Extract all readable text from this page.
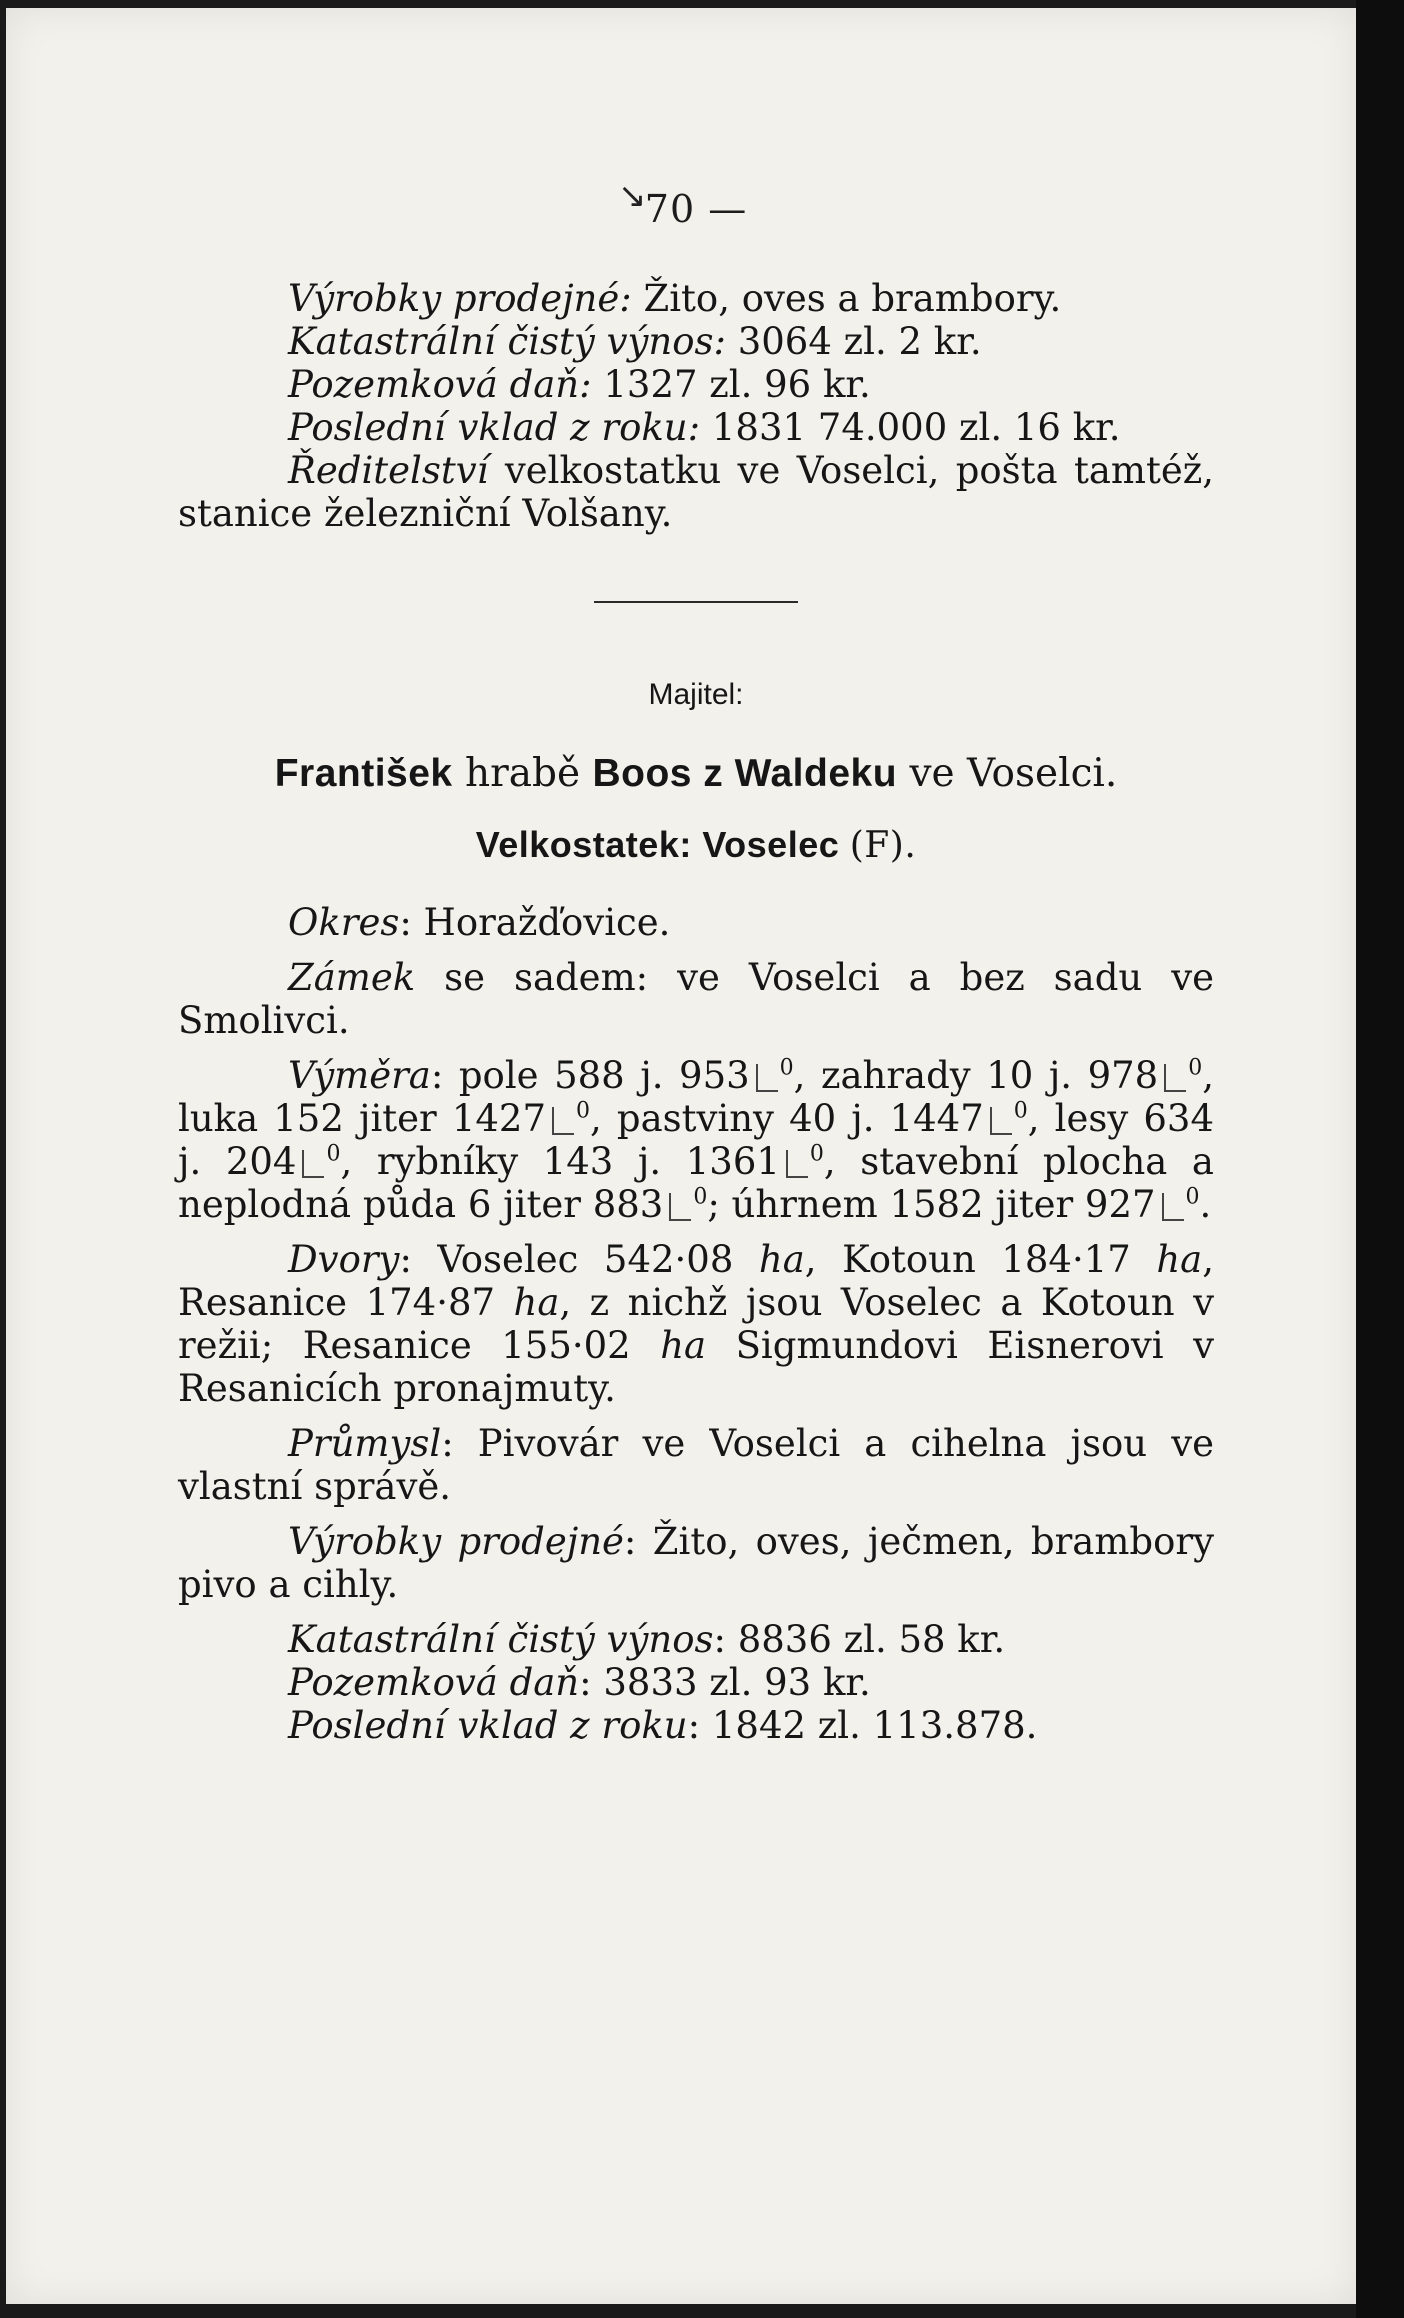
↘
70 —

Výrobky prodejné: Žito, oves a brambory.

Katastrální čistý výnos: 3064 zl. 2 kr.

Pozemková daň: 1327 zl. 96 kr.

Poslední vklad z roku: 1831 74.000 zl. 16 kr.

Ředitelství velkostatku ve Voselci, pošta tamtéž, stanice železniční Volšany.

Majitel:
František hrabě Boos z Waldeku ve Voselci.
Velkostatek: Voselec (F).

Okres: Horažďovice.

Zámek se sadem: ve Voselci a bez sadu ve Smolivci.

Výměra: pole 588 j. 953 $^0$, zahrady 10 j. 978 $^0$, luka 152 jiter 1427 $^0$, pastviny 40 j. 1447 $^0$, lesy 634 j. 204 $^0$, rybníky 143 j. 1361 $^0$, stavební plocha a neplodná půda 6 jiter 883 $^0$; úhrnem 1582 jiter 927 $^0$.

Dvory: Voselec 542·08 ha, Kotoun 184·17 ha, Resanice 174·87 ha, z nichž jsou Voselec a Kotoun v režii; Resanice 155·02 ha Sigmundovi Eisnerovi v Resanicích pronajmuty.

Průmysl: Pivovár ve Voselci a cihelna jsou ve vlastní správě.

Výrobky prodejné: Žito, oves, ječmen, brambory pivo a cihly.

Katastrální čistý výnos: 8836 zl. 58 kr.

Pozemková daň: 3833 zl. 93 kr.

Poslední vklad z roku: 1842 zl. 113.878.
